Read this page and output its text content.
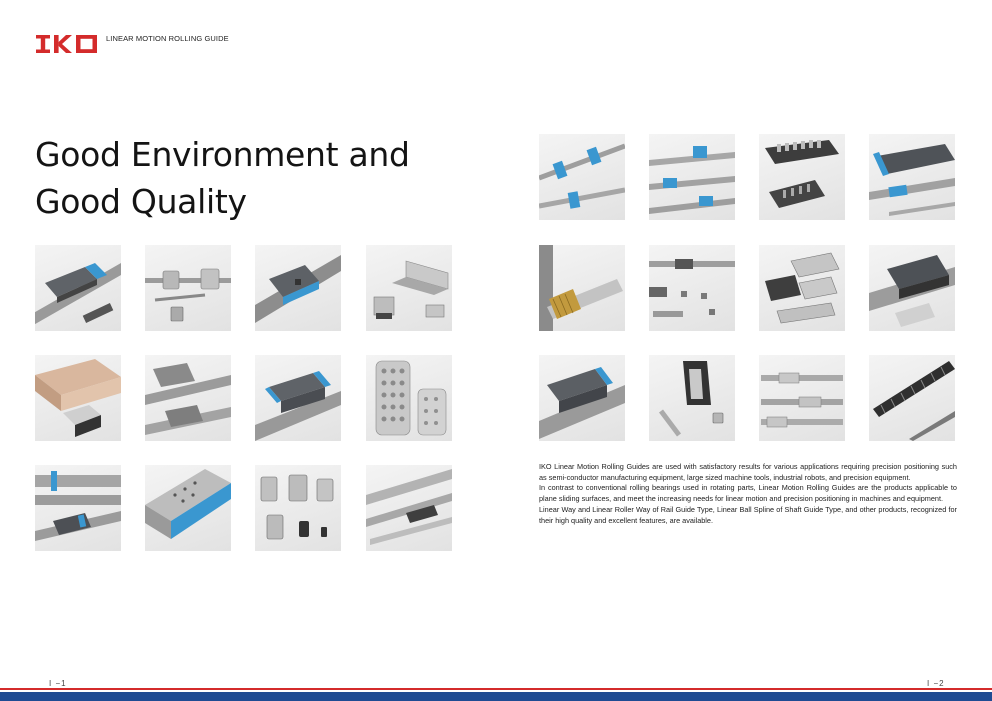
LINEAR MOTION ROLLING GUIDE
Good Environment and
Good Quality

IKO Linear Motion Rolling Guides are used with satisfactory results for various applications requiring precision positioning such as semi-conductor manufacturing equipment, large sized machine tools, industrial robots, and precision equipment.

In contrast to conventional rolling bearings used in rotating parts, Linear Motion Rolling Guides are the products applicable to plane sliding surfaces, and meet the increasing needs for linear motion and precision positioning in machines and equipment.

Linear Way and Linear Roller Way of Rail Guide Type, Linear Ball Spline of Shaft Guide Type, and other products, recognized for their high quality and excellent features, are available.

I −1	I −2
